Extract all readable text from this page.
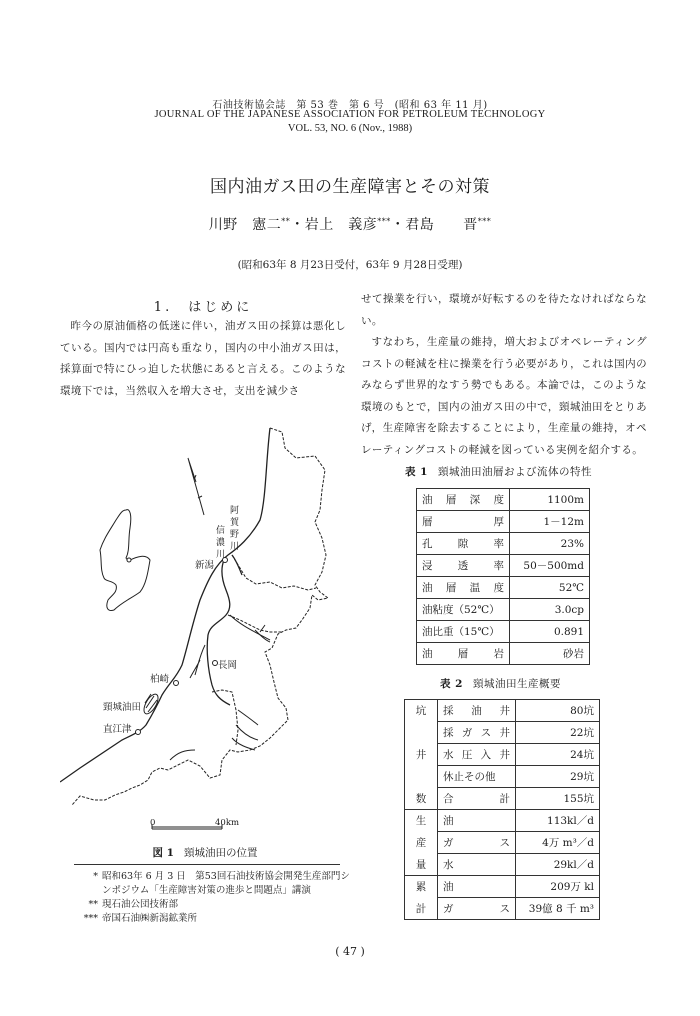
石油技術協会誌　第 53 巻　第 6 号　(昭和 63 年 11 月)
JOURNAL OF THE JAPANESE ASSOCIATION FOR PETROLEUM TECHNOLOGY
VOL. 53, NO. 6 (Nov., 1988)
国内油ガス田の生産障害とその対策
川野　憲二**・岩上　義彦***・君島　　晋***
(昭和63年 8 月23日受付，63年 9 月28日受理)
1.　はじめに
昨今の原油価格の低迷に伴い，油ガス田の採算は悪化している。国内では円高も重なり，国内の中小油ガス田は，採算面で特にひっ迫した状態にあると言える。このような環境下では，当然収入を増大させ，支出を減少さ
せて操業を行い，環境が好転するのを待たなければならない。
すなわち，生産量の維持，増大およびオペレーティングコストの軽減を柱に操業を行う必要があり，これは国内のみならず世界的なすう勢でもある。本論では，このような環境のもとで，国内の油ガス田の中で，頸城油田をとりあげ，生産障害を除去することにより，生産量の維持，オペレーティングコストの軽減を図っている実例を紹介する。
表 1 頸城油田油層および流体の特性
油 層 深 度	1100m

層 厚	1－12m

孔 隙 率	23%

浸 透 率	50－500md

油 層 温 度	52℃

油粘度（52℃）	3.0cp

油比重（15℃）	0.891

油 層 岩	砂岩
表 2 頸城油田生産概要
坑	採 油 井	80坑

	採 ガ ス 井	22坑
井	水 圧 入 井	24坑

	休止その他	29坑
数	合 計	155坑
生	油	113kl／d
産	ガ ス	4万 m³／d
量	水	29kl／d
累	油	209万 kl
計	ガ ス	39億 8 千 m³
阿賀野川
信濃川
新潟
長岡
柏崎
頸城油田
直江津
0	40km
図 1 頸城油田の位置
* 昭和63年 6 月 3 日　第53回石油技術協会開発生産部門シンポジウム「生産障害対策の進歩と問題点」講演
** 現石油公団技術部
*** 帝国石油㈱新潟鉱業所
( 47 )
